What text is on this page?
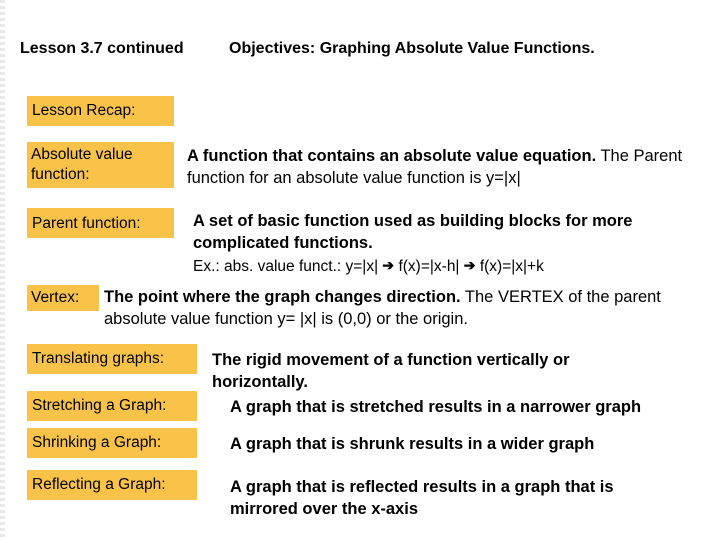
Lesson 3.7 continued	Objectives: Graphing Absolute Value Functions.
Lesson Recap:
Absolute value function:
A function that contains an absolute value equation. The Parent function for an absolute value function is y=|x|
Parent function:	A set of basic function used as building blocks for more complicated functions.
Ex.: abs. value funct.: y=|x| ➔ f(x)=|x-h| ➔ f(x)=|x|+k
Vertex:	The point where the graph changes direction. The VERTEX of the parent absolute value function y= |x| is (0,0) or the origin.
Translating graphs:	The rigid movement of a function vertically or horizontally.
Stretching a Graph:	A graph that is stretched results in a narrower graph
Shrinking a Graph:	A graph that is shrunk results in a wider graph
Reflecting a Graph:	A graph that is reflected results in a graph that is mirrored over the x-axis
